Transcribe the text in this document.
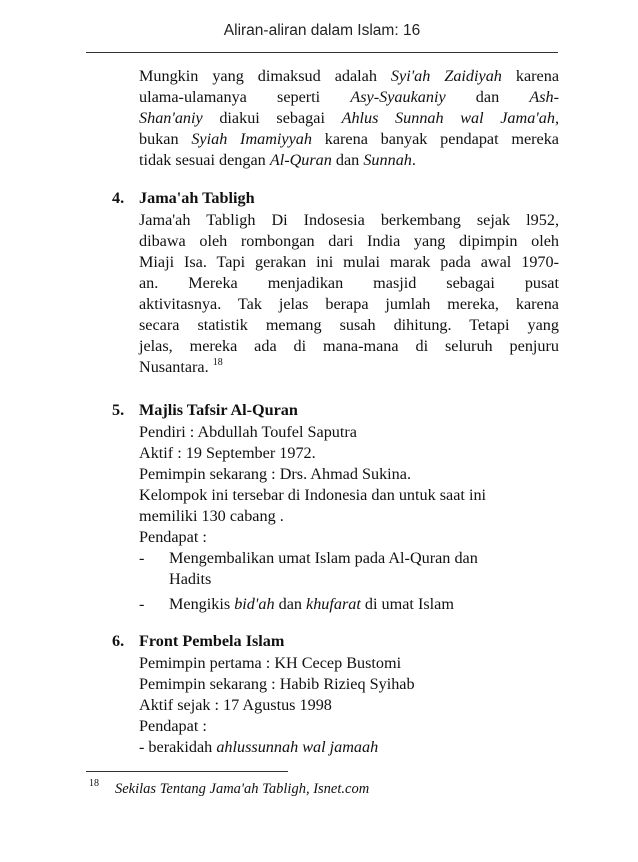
Aliran-aliran dalam Islam: 16
Mungkin yang dimaksud adalah Syi'ah Zaidiyah karena
ulama-ulamanya seperti Asy-Syaukaniy dan Ash-
Shan'aniy diakui sebagai Ahlus Sunnah wal Jama'ah,
bukan Syiah Imamiyyah karena banyak pendapat mereka
tidak sesuai dengan Al-Quran dan Sunnah.
4. Jama'ah Tabligh
Jama'ah Tabligh Di Indosesia berkembang sejak l952,
dibawa oleh rombongan dari India yang dipimpin oleh
Miaji Isa. Tapi gerakan ini mulai marak pada awal 1970-
an. Mereka menjadikan masjid sebagai pusat
aktivitasnya. Tak jelas berapa jumlah mereka, karena
secara statistik memang susah dihitung. Tetapi yang
jelas, mereka ada di mana-mana di seluruh penjuru
Nusantara. $^{18}$
5. Majlis Tafsir Al-Quran
Pendiri : Abdullah Toufel Saputra
Aktif : 19 September 1972.
Pemimpin sekarang : Drs. Ahmad Sukina.
Kelompok ini tersebar di Indonesia dan untuk saat ini
memiliki 130 cabang .
Pendapat :
- Mengembalikan umat Islam pada Al-Quran dan
Hadits
- Mengikis bid'ah dan khufarat di umat Islam
6. Front Pembela Islam
Pemimpin pertama : KH Cecep Bustomi
Pemimpin sekarang : Habib Rizieq Syihab
Aktif sejak : 17 Agustus 1998
Pendapat :
- berakidah ahlussunnah wal jamaah
18 Sekilas Tentang Jama'ah Tabligh, Isnet.com
